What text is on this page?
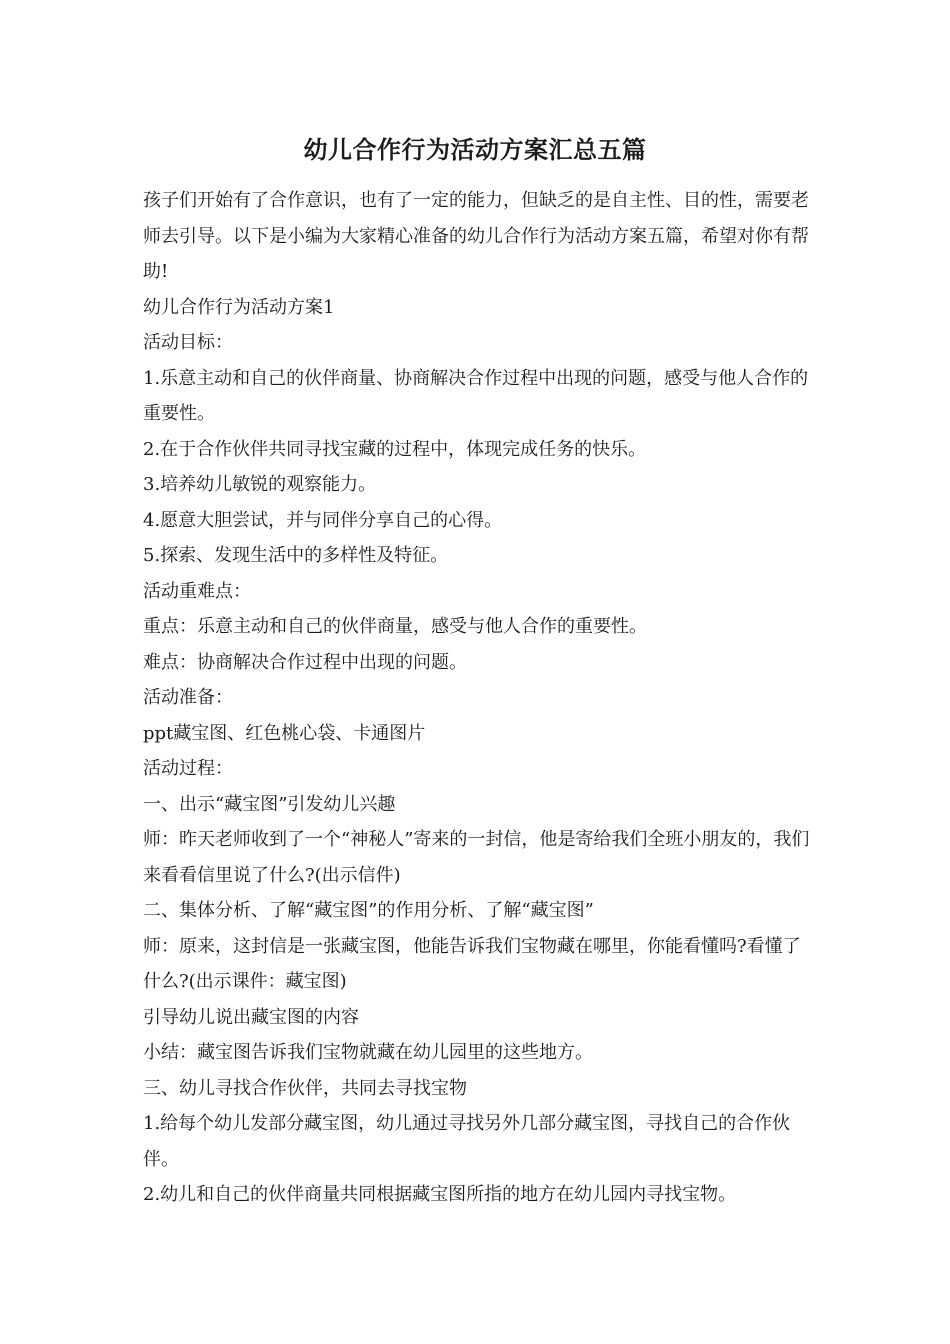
幼儿合作行为活动方案汇总五篇

孩子们开始有了合作意识，也有了一定的能力，但缺乏的是自主性、目的性，需要老师去引导。以下是小编为大家精心准备的幼儿合作行为活动方案五篇，希望对你有帮助!

幼儿合作行为活动方案1

活动目标：

1.乐意主动和自己的伙伴商量、协商解决合作过程中出现的问题，感受与他人合作的重要性。

2.在于合作伙伴共同寻找宝藏的过程中，体现完成任务的快乐。

3.培养幼儿敏锐的观察能力。

4.愿意大胆尝试，并与同伴分享自己的心得。

5.探索、发现生活中的多样性及特征。

活动重难点：

重点：乐意主动和自己的伙伴商量，感受与他人合作的重要性。

难点：协商解决合作过程中出现的问题。

活动准备：

ppt藏宝图、红色桃心袋、卡通图片

活动过程：

一、出示“藏宝图”引发幼儿兴趣

师：昨天老师收到了一个“神秘人”寄来的一封信，他是寄给我们全班小朋友的，我们来看看信里说了什么?(出示信件)

二、集体分析、了解“藏宝图”的作用分析、了解“藏宝图”

师：原来，这封信是一张藏宝图，他能告诉我们宝物藏在哪里，你能看懂吗?看懂了什么?(出示课件：藏宝图)

引导幼儿说出藏宝图的内容

小结：藏宝图告诉我们宝物就藏在幼儿园里的这些地方。

三、幼儿寻找合作伙伴，共同去寻找宝物

1.给每个幼儿发部分藏宝图，幼儿通过寻找另外几部分藏宝图，寻找自己的合作伙伴。

2.幼儿和自己的伙伴商量共同根据藏宝图所指的地方在幼儿园内寻找宝物。
